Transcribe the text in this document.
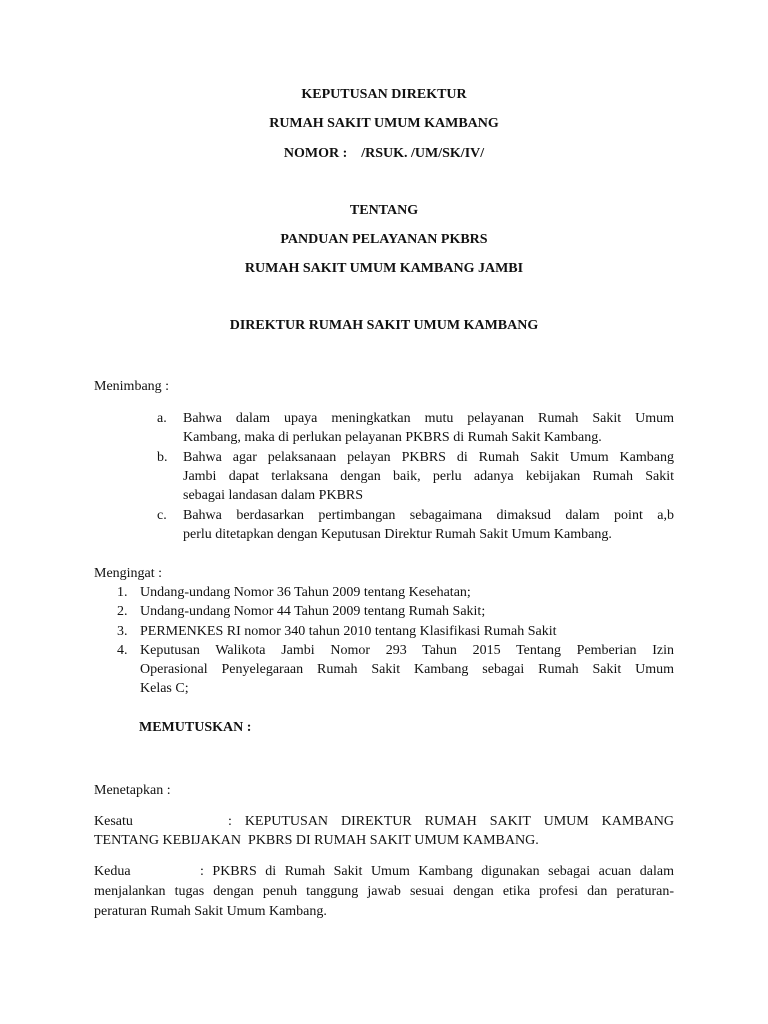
KEPUTUSAN DIREKTUR
RUMAH SAKIT UMUM KAMBANG
NOMOR :    /RSUK. /UM/SK/IV/
TENTANG
PANDUAN PELAYANAN PKBRS
RUMAH SAKIT UMUM KAMBANG JAMBI
DIREKTUR RUMAH SAKIT UMUM KAMBANG
Menimbang :
a. Bahwa dalam upaya meningkatkan mutu pelayanan Rumah Sakit Umum
Kambang, maka di perlukan pelayanan PKBRS di Rumah Sakit Kambang.
b. Bahwa agar pelaksanaan pelayan PKBRS di Rumah Sakit Umum Kambang
Jambi dapat terlaksana dengan baik, perlu adanya kebijakan Rumah Sakit
sebagai landasan dalam PKBRS
c. Bahwa berdasarkan pertimbangan sebagaimana dimaksud dalam point a,b
perlu ditetapkan dengan Keputusan Direktur Rumah Sakit Umum Kambang.
Mengingat :
1. Undang-undang Nomor 36 Tahun 2009 tentang Kesehatan;
2. Undang-undang Nomor 44 Tahun 2009 tentang Rumah Sakit;
3. PERMENKES RI nomor 340 tahun 2010 tentang Klasifikasi Rumah Sakit
4. Keputusan Walikota Jambi Nomor 293 Tahun 2015 Tentang Pemberian Izin
Operasional Penyelegaraan Rumah Sakit Kambang sebagai Rumah Sakit Umum
Kelas C;
MEMUTUSKAN :
Menetapkan :
Kesatu	: KEPUTUSAN DIREKTUR RUMAH SAKIT UMUM KAMBANG
TENTANG KEBIJAKAN  PKBRS DI RUMAH SAKIT UMUM KAMBANG.
Kedua	: PKBRS di Rumah Sakit Umum Kambang digunakan sebagai acuan dalam
menjalankan tugas dengan penuh tanggung jawab sesuai dengan etika profesi dan peraturan-
peraturan Rumah Sakit Umum Kambang.
